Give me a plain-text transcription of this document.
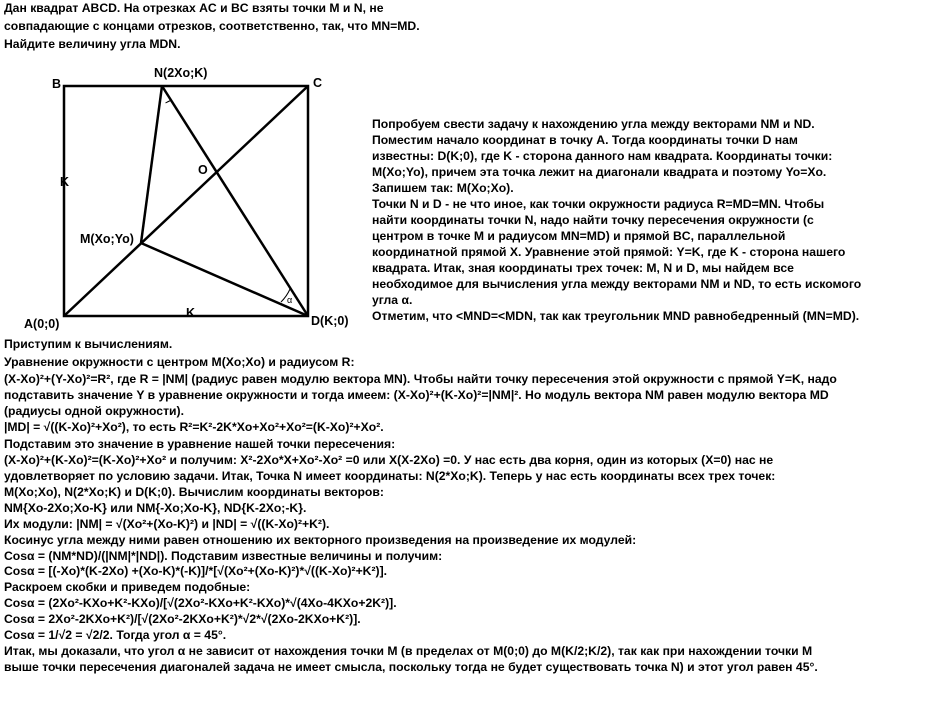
Дан квадрат ABCD. На отрезках AC и BC взяты точки M и N, не
совпадающие с концами отрезков, соответственно, так, что MN=MD.
Найдите величину угла MDN.
B	C
N(2Xo;K)
O
K
M(Xo;Yo)
A(0;0)
K
D(K;0)
α
Попробуем свести задачу к нахождению угла между векторами NM и ND.
Поместим начало координат в точку A. Тогда координаты точки D нам
известны: D(K;0), где K - сторона данного нам квадрата. Координаты точки:
M(Xo;Yo), причем эта точка лежит на диагонали квадрата и поэтому Yo=Xo.
Запишем так: M(Xo;Xo).
Точки N и D - не что иное, как точки окружности радиуса R=MD=MN. Чтобы
найти координаты точки N, надо найти точку пересечения окружности (с
центром в точке M и радиусом MN=MD) и прямой BC, параллельной
координатной прямой X. Уравнение этой прямой: Y=K, где K - сторона нашего
квадрата. Итак, зная координаты трех точек: M, N и D, мы найдем все
необходимое для вычисления угла между векторами NM и ND, то есть искомого
угла α.
Отметим, что <MND=<MDN, так как треугольник MND равнобедренный (MN=MD).
Приступим к вычислениям.
Уравнение окружности с центром M(Xo;Xo) и радиусом R:
(X-Xo)²+(Y-Xo)²=R², где R = |NM| (радиус равен модулю вектора MN). Чтобы найти точку пересечения этой окружности с прямой Y=K, надо
подставить значение Y в уравнение окружности и тогда имеем: (X-Xo)²+(K-Xo)²=|NM|². Но модуль вектора NM равен модулю вектора MD
(радиусы одной окружности).
|MD| = √((K-Xo)²+Xo²), то есть R²=K²-2K*Xo+Xo²+Xo²=(K-Xo)²+Xo².
Подставим это значение в уравнение нашей точки пересечения:
(X-Xo)²+(K-Xo)²=(K-Xo)²+Xo² и получим: X²-2Xo*X+Xo²-Xo² =0 или X(X-2Xo) =0. У нас есть два корня, один из которых (X=0) нас не
удовлетворяет по условию задачи. Итак, Точка N имеет координаты: N(2*Xo;K). Теперь у нас есть координаты всех трех точек:
M(Xo;Xo), N(2*Xo;K) и D(K;0). Вычислим координаты векторов:
NM{Xo-2Xo;Xo-K} или NM{-Xo;Xo-K}, ND{K-2Xo;-K}.
Их модули: |NM| = √(Xo²+(Xo-K)²) и |ND| = √((K-Xo)²+K²).
Косинус угла между ними равен отношению их векторного произведения на произведение их модулей:
Cosα = (NM*ND)/(|NM|*|ND|). Подставим известные величины и получим:
Cosα = [(-Xo)*(K-2Xo) +(Xo-K)*(-K)]/*[√(Xo²+(Xo-K)²)*√((K-Xo)²+K²)].
Раскроем скобки и приведем подобные:
Cosα = (2Xo²-KXo+K²-KXo)/[√(2Xo²-KXo+K²-KXo)*√(4Xo-4KXo+2K²)].
Cosα = 2Xo²-2KXo+K²)/[√(2Xo²-2KXo+K²)*√2*√(2Xo-2KXo+K²)].
Cosα = 1/√2 = √2/2. Тогда угол α = 45°.
Итак, мы доказали, что угол α не зависит от нахождения точки M (в пределах от M(0;0) до M(K/2;K/2), так как при нахождении точки M
выше точки пересечения диагоналей задача не имеет смысла, поскольку тогда не будет существовать точка N) и этот угол равен 45°.
